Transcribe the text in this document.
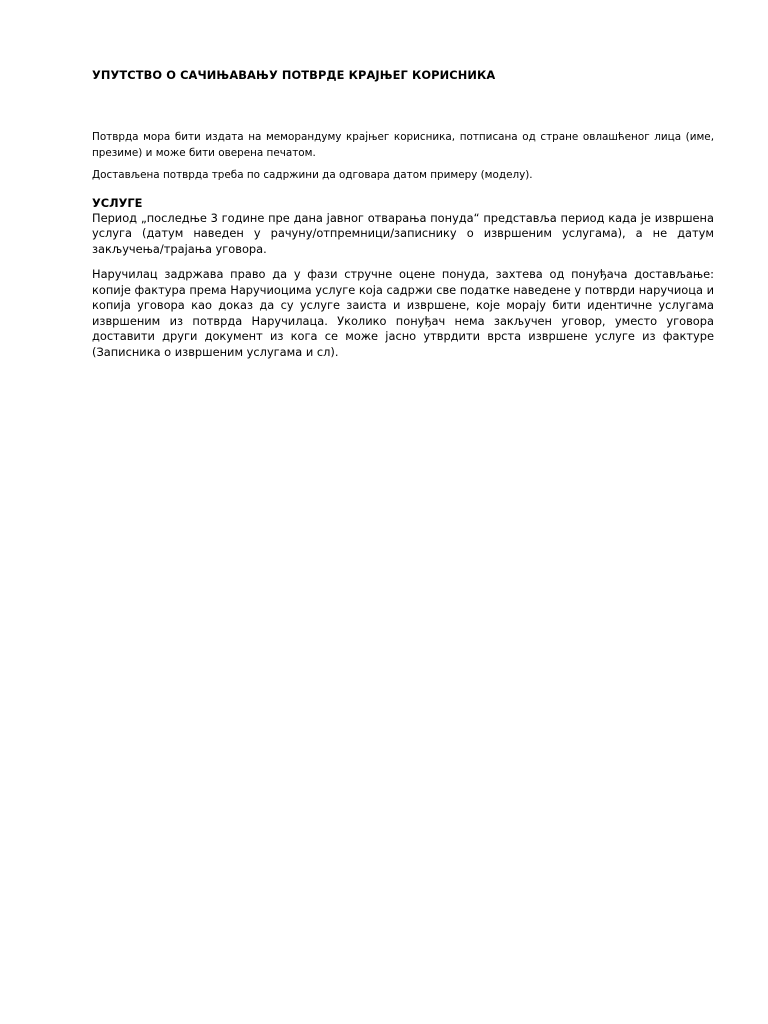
УПУТСТВО О САЧИЊАВАЊУ ПОТВРДЕ КРАЈЊЕГ КОРИСНИКА

Потврда мора бити издата на меморандуму крајњег корисника, потписана од стране овлашћеног лица (име, презиме) и може бити оверена печатом.

Достављена потврда треба по садржини да одговара датом примеру (моделу).

УСЛУГЕ

Период „последње 3 године пре дана јавног отварања понуда“ представља период када је извршена услуга (датум наведен у рачуну/отпремници/записнику о извршеним услугама), а не датум закључења/трајања уговора.

Наручилац задржава право да у фази стручне оцене понуда, захтева од понуђача достављање: копије фактура према Наручиоцима услуге која садржи све податке наведене у потврди наручиоца и копија уговора као доказ да су услуге заиста и извршене, које морају бити идентичне услугама извршеним из потврда Наручилаца. Уколико понуђач нема закључен уговор, уместо уговора доставити други документ из кога се може јасно утврдити врста извршене услуге из фактуре (Записника о извршеним услугама и сл).
